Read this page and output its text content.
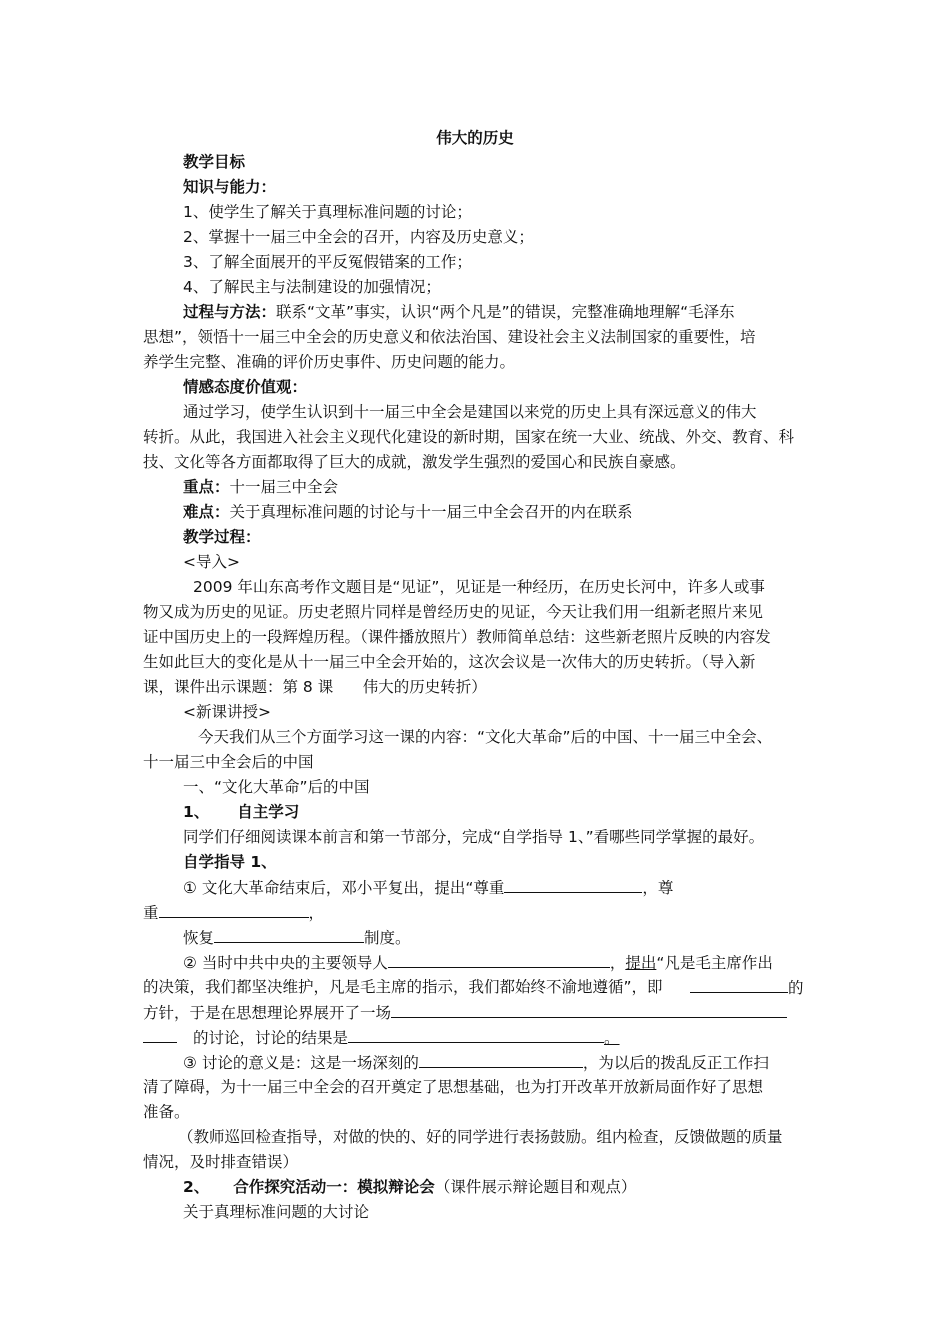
伟大的历史
教学目标
知识与能力：
1、使学生了解关于真理标准问题的讨论；
2、掌握十一届三中全会的召开，内容及历史意义；
3、了解全面展开的平反冤假错案的工作；
4、了解民主与法制建设的加强情况；
过程与方法：联系“文革”事实，认识“两个凡是”的错误，完整准确地理解“毛泽东
思想”，领悟十一届三中全会的历史意义和依法治国、建设社会主义法制国家的重要性，培
养学生完整、准确的评价历史事件、历史问题的能力。
情感态度价值观：
通过学习，使学生认识到十一届三中全会是建国以来党的历史上具有深远意义的伟大
转折。从此，我国进入社会主义现代化建设的新时期，国家在统一大业、统战、外交、教育、科
技、文化等各方面都取得了巨大的成就，激发学生强烈的爱国心和民族自豪感。
重点：十一届三中全会
难点：关于真理标准问题的讨论与十一届三中全会召开的内在联系
教学过程：
<导入>
2009 年山东高考作文题目是“见证”，见证是一种经历，在历史长河中，许多人或事
物又成为历史的见证。历史老照片同样是曾经历史的见证，今天让我们用一组新老照片来见
证中国历史上的一段辉煌历程。（课件播放照片）教师简单总结：这些新老照片反映的内容发
生如此巨大的变化是从十一届三中全会开始的，这次会议是一次伟大的历史转折。（导入新
课，课件出示课题：第 8 课      伟大的历史转折）
<新课讲授>
今天我们从三个方面学习这一课的内容：“文化大革命”后的中国、十一届三中全会、
十一届三中全会后的中国
一、“文化大革命”后的中国
1、 自主学习
同学们仔细阅读课本前言和第一节部分，完成“自学指导 1、”看哪些同学掌握的最好。
自学指导 1、
① 文化大革命结束后，邓小平复出，提出“尊重	，尊
重	，
恢复	制度。
② 当时中共中央的主要领导人	，提出“凡是毛主席作出
的决策，我们都坚决维护，凡是毛主席的指示，我们都始终不渝地遵循”，即	的
方针，于是在思想理论界展开了一场
的讨论，讨论的结果是	。
③ 讨论的意义是：这是一场深刻的	，为以后的拨乱反正工作扫
清了障碍，为十一届三中全会的召开奠定了思想基础，也为打开改革开放新局面作好了思想
准备。
（教师巡回检查指导，对做的快的、好的同学进行表扬鼓励。组内检查，反馈做题的质量
情况，及时排查错误）
2、 合作探究活动一：模拟辩论会（课件展示辩论题目和观点）
关于真理标准问题的大讨论
